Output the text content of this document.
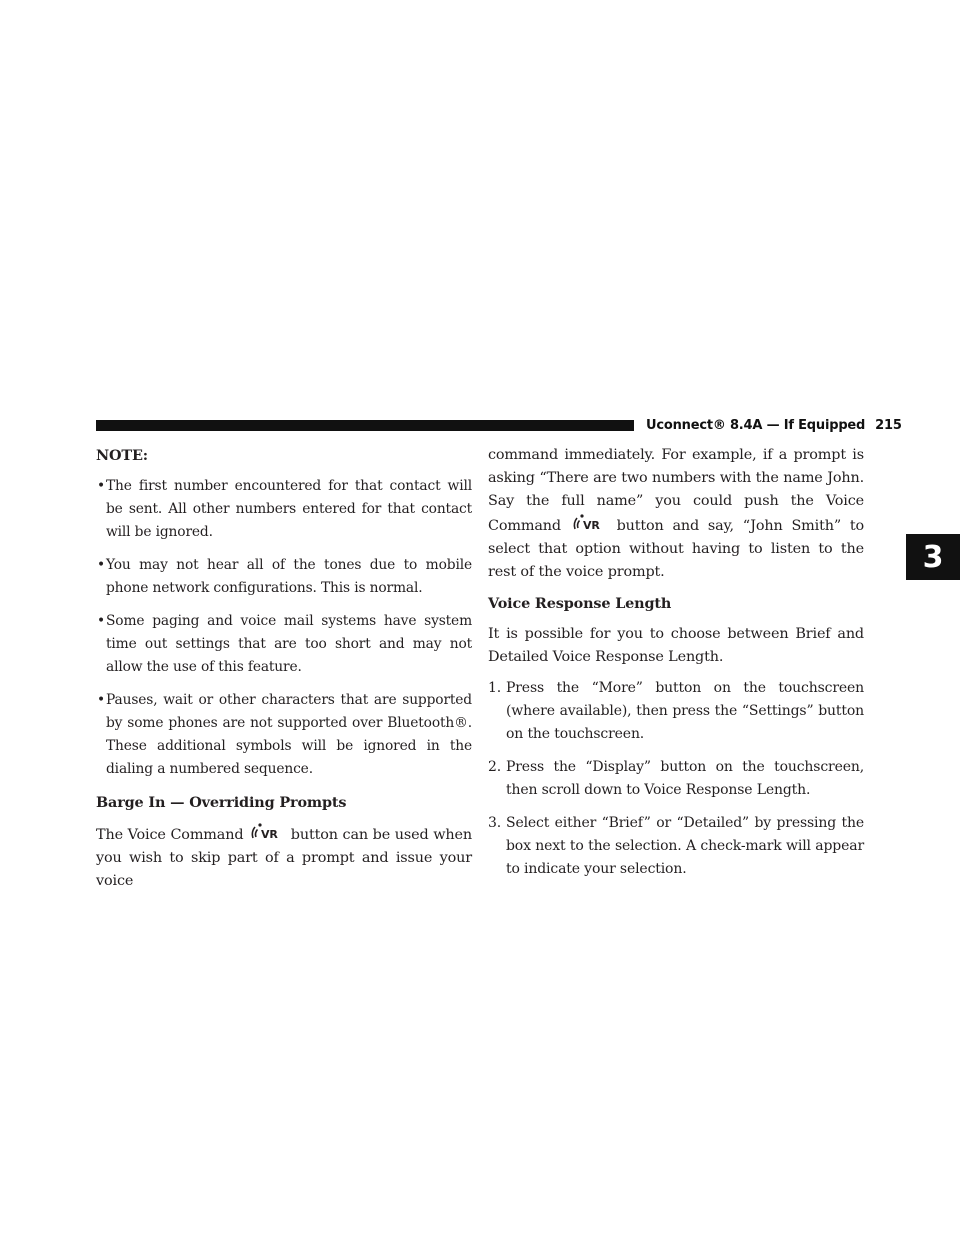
Uconnect® 8.4A — If Equipped 215
3

NOTE:

• The first number encountered for that contact will be sent. All other numbers entered for that contact will be ignored.
• You may not hear all of the tones due to mobile phone network configurations. This is normal.
• Some paging and voice mail systems have system time out settings that are too short and may not allow the use of this feature.
• Pauses, wait or other characters that are supported by some phones are not supported over Bluetooth®. These additional symbols will be ignored in the dialing a numbered sequence.

Barge In — Overriding Prompts

The Voice Command VR button can be used when you wish to skip part of a prompt and issue your voice

command immediately. For example, if a prompt is asking “There are two numbers with the name John. Say the full name” you could push the Voice Command VR button and say, “John Smith” to select that option without having to listen to the rest of the voice prompt.

Voice Response Length

It is possible for you to choose between Brief and Detailed Voice Response Length.

1. Press the “More” button on the touchscreen (where available), then press the “Settings” button on the touchscreen.
2. Press the “Display” button on the touchscreen, then scroll down to Voice Response Length.
3. Select either “Brief” or “Detailed” by pressing the box next to the selection. A check-mark will appear to indicate your selection.
